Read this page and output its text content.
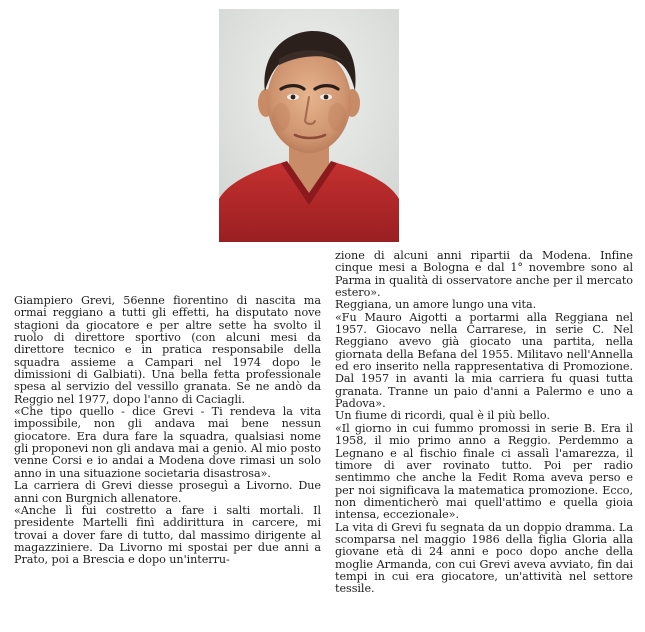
Giampiero Grevi, 56enne fiorentino di nascita ma ormai reggiano a tutti gli effetti, ha disputato nove stagioni da giocatore e per altre sette ha svolto il ruolo di direttore sportivo (con alcuni mesi da direttore tecnico e in pratica responsabile della squadra assieme a Campari nel 1974 dopo le dimissioni di Galbiati). Una bella fetta professionale spesa al servizio del vessillo granata. Se ne andò da Reggio nel 1977, dopo l'anno di Caciagli.

«Che tipo quello - dice Grevi - Ti rendeva la vita impossibile, non gli andava mai bene nessun giocatore. Era dura fare la squadra, qualsiasi nome gli proponevi non gli andava mai a genio. Al mio posto venne Corsi e io andai a Modena dove rimasi un solo anno in una situazione societaria disastrosa».

La carriera di Grevi diesse proseguì a Livorno. Due anni con Burgnich allenatore.

«Anche lì fui costretto a fare i salti mortali. Il presidente Martelli finì addirittura in carcere, mi trovai a dover fare di tutto, dal massimo dirigente al magazziniere. Da Livorno mi spostai per due anni a Prato, poi a Brescia e dopo un'interru-

zione di alcuni anni ripartii da Modena. Infine cinque mesi a Bologna e dal 1° novembre sono al Parma in qualità di osservatore anche per il mercato estero».

Reggiana, un amore lungo una vita.

«Fu Mauro Aigotti a portarmi alla Reggiana nel 1957. Giocavo nella Carrarese, in serie C. Nel Reggiano avevo già giocato una partita, nella giornata della Befana del 1955. Militavo nell'Annella ed ero inserito nella rappresentativa di Promozione. Dal 1957 in avanti la mia carriera fu quasi tutta granata. Tranne un paio d'anni a Palermo e uno a Padova».

Un fiume di ricordi, qual è il più bello.

«Il giorno in cui fummo promossi in serie B. Era il 1958, il mio primo anno a Reggio. Perdemmo a Legnano e al fischio finale ci assalì l'amarezza, il timore di aver rovinato tutto. Poi per radio sentimmo che anche la Fedit Roma aveva perso e per noi significava la matematica promozione. Ecco, non dimenticherò mai quell'attimo e quella gioia intensa, eccezionale».

La vita di Grevi fu segnata da un doppio dramma. La scomparsa nel maggio 1986 della figlia Gloria alla giovane età di 24 anni e poco dopo anche della moglie Armanda, con cui Grevi aveva avviato, fin dai tempi in cui era giocatore, un'attività nel settore tessile.
